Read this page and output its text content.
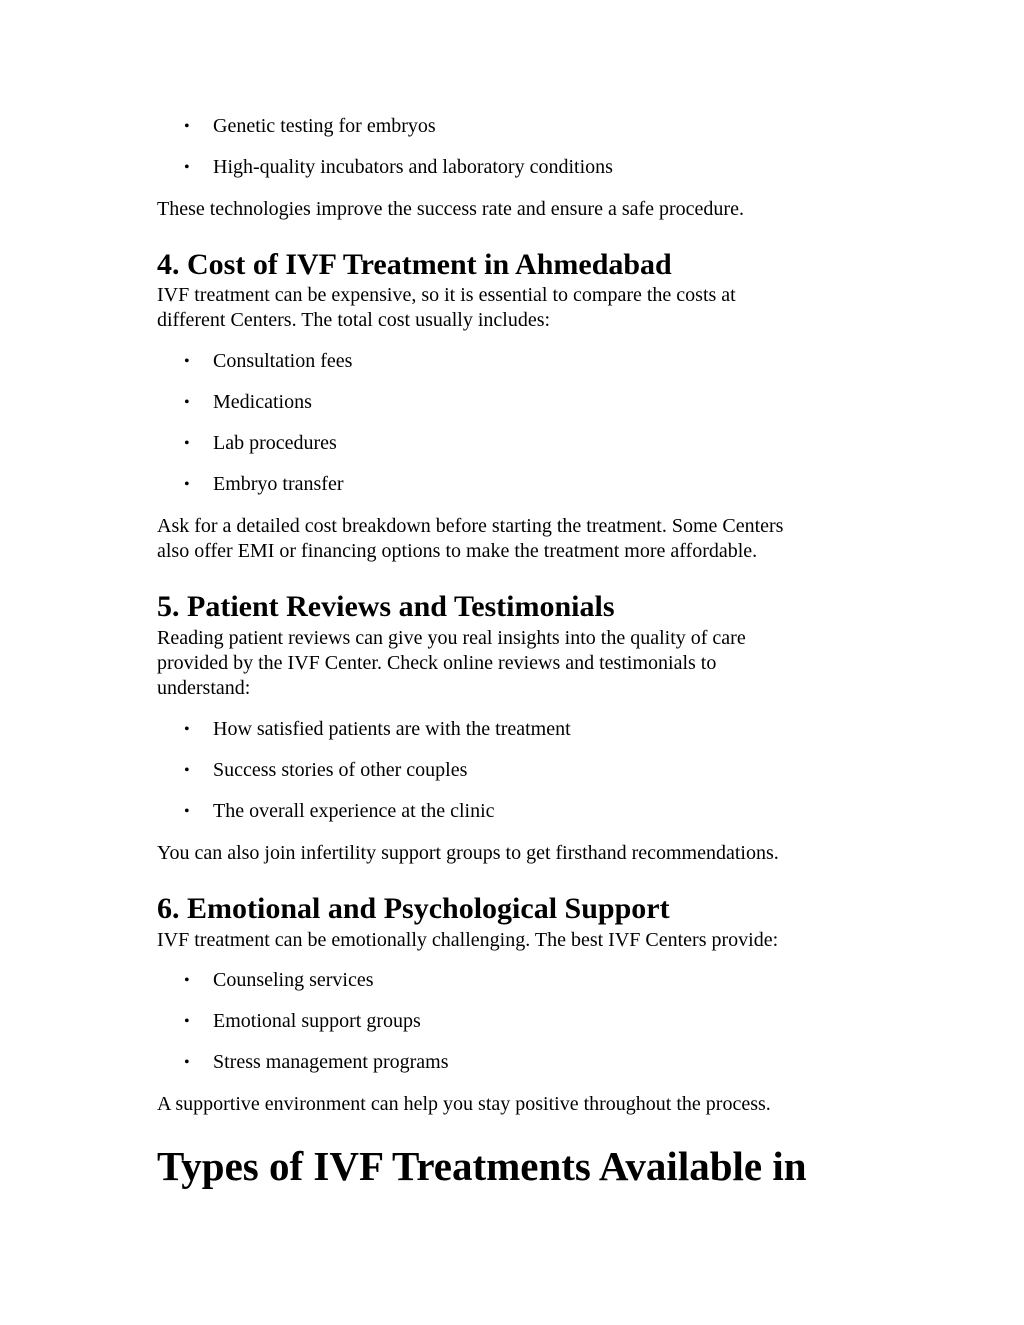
• Genetic testing for embryos
• High-quality incubators and laboratory conditions

These technologies improve the success rate and ensure a safe procedure.

4. Cost of IVF Treatment in Ahmedabad

IVF treatment can be expensive, so it is essential to compare the costs at

different Centers. The total cost usually includes:

• Consultation fees
• Medications
• Lab procedures
• Embryo transfer

Ask for a detailed cost breakdown before starting the treatment. Some Centers

also offer EMI or financing options to make the treatment more affordable.

5. Patient Reviews and Testimonials

Reading patient reviews can give you real insights into the quality of care

provided by the IVF Center. Check online reviews and testimonials to

understand:

• How satisfied patients are with the treatment
• Success stories of other couples
• The overall experience at the clinic

You can also join infertility support groups to get firsthand recommendations.

6. Emotional and Psychological Support

IVF treatment can be emotionally challenging. The best IVF Centers provide:

• Counseling services
• Emotional support groups
• Stress management programs

A supportive environment can help you stay positive throughout the process.

Types of IVF Treatments Available in
